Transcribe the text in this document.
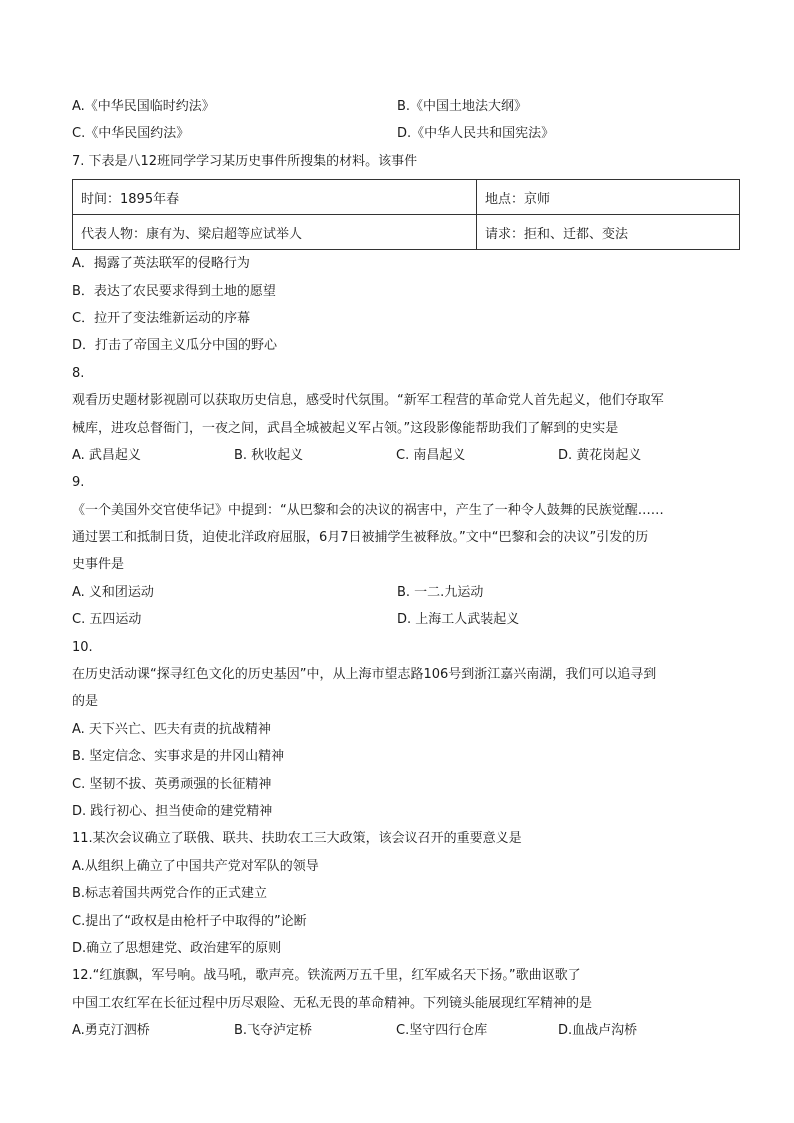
A.《中华民国临时约法》	B.《中国土地法大纲》
C.《中华民国约法》	D.《中华人民共和国宪法》
7. 下表是八12班同学学习某历史事件所搜集的材料。该事件
时间：1895年春	地点：京师
代表人物：康有为、梁启超等应试举人	请求：拒和、迁都、变法
A．揭露了英法联军的侵略行为
B．表达了农民要求得到土地的愿望
C．拉开了变法维新运动的序幕
D．打击了帝国主义瓜分中国的野心
8.
观看历史题材影视剧可以获取历史信息，感受时代氛围。“新军工程营的革命党人首先起义，他们夺取军
械库，进攻总督衙门，一夜之间，武昌全城被起义军占领。”这段影像能帮助我们了解到的史实是
A. 武昌起义	B. 秋收起义	C. 南昌起义	D. 黄花岗起义
9.
《一个美国外交官使华记》中提到：“从巴黎和会的决议的祸害中，产生了一种令人鼓舞的民族觉醒……
通过罢工和抵制日货，迫使北洋政府屈服，6月7日被捕学生被释放。”文中“巴黎和会的决议”引发的历
史事件是
A. 义和团运动	B. 一二.九运动
C. 五四运动	D. 上海工人武装起义
10.
在历史活动课“探寻红色文化的历史基因”中，从上海市望志路106号到浙江嘉兴南湖，我们可以追寻到
的是
A. 天下兴亡、匹夫有责的抗战精神
B. 坚定信念、实事求是的井冈山精神
C. 坚韧不拔、英勇顽强的长征精神
D. 践行初心、担当使命的建党精神
11.某次会议确立了联俄、联共、扶助农工三大政策，该会议召开的重要意义是
A.从组织上确立了中国共产党对军队的领导
B.标志着国共两党合作的正式建立
C.提出了“政权是由枪杆子中取得的”论断
D.确立了思想建党、政治建军的原则
12.“红旗飘，军号响。战马吼，歌声亮。铁流两万五千里，红军威名天下扬。”歌曲讴歌了
中国工农红军在长征过程中历尽艰险、无私无畏的革命精神。下列镜头能展现红军精神的是
A.勇克汀泗桥	B.飞夺泸定桥	C.坚守四行仓库	D.血战卢沟桥
